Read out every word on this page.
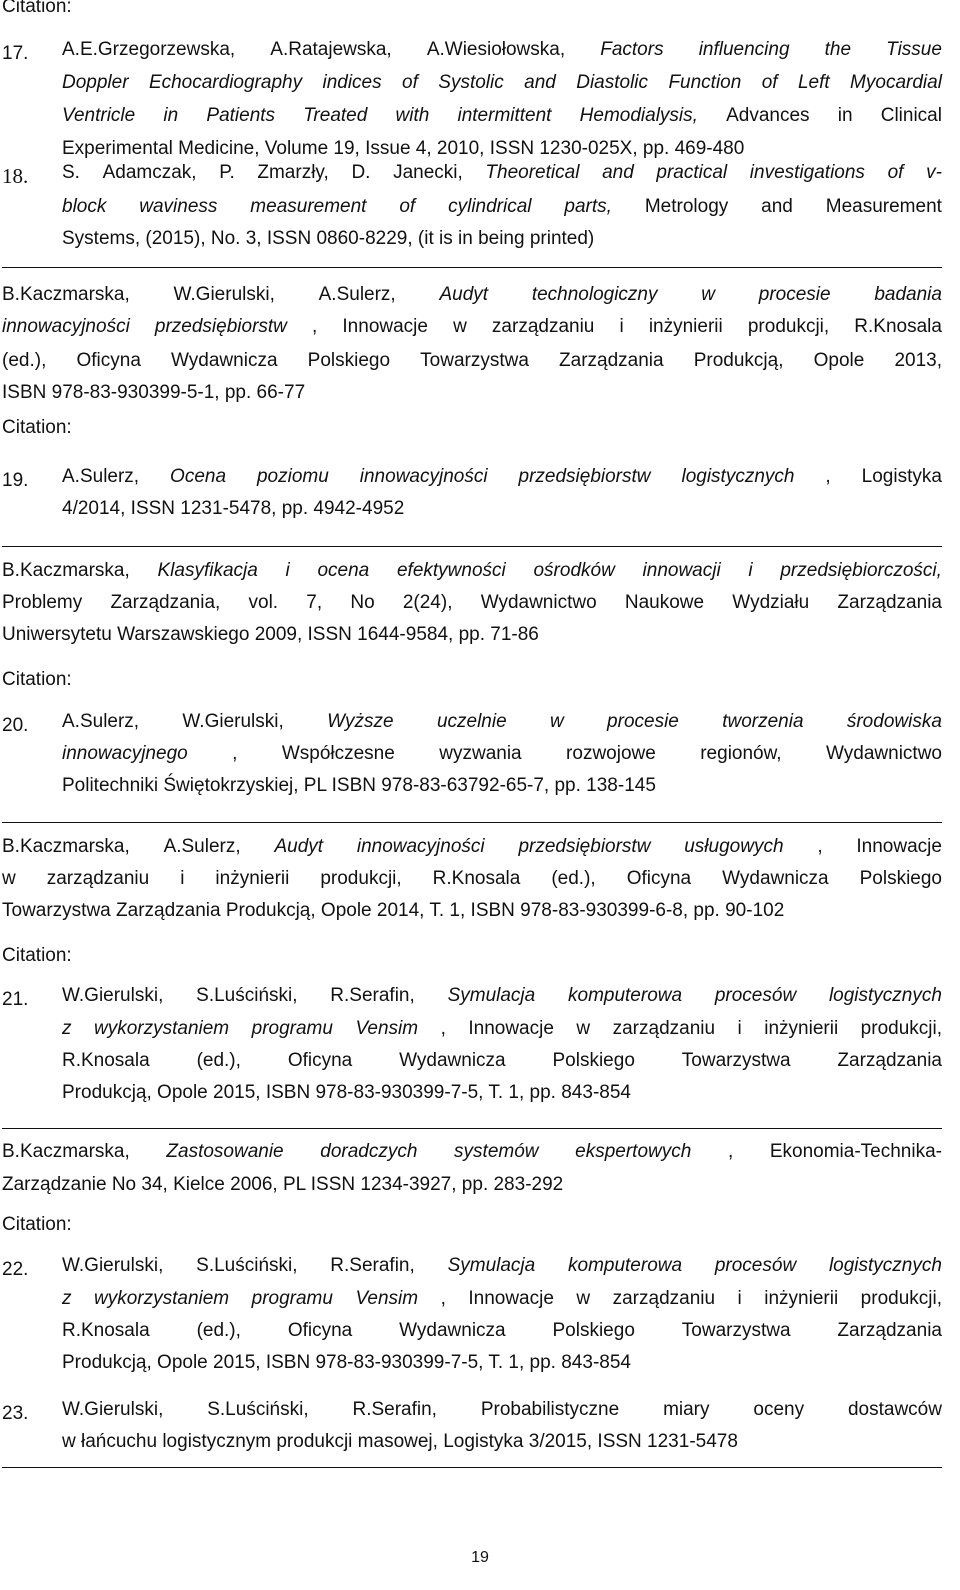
Citation:
17. A.E.Grzegorzewska, A.Ratajewska, A.Wiesiołowska, Factors influencing the Tissue
Doppler Echocardiography indices of Systolic and Diastolic Function of Left Myocardial
Ventricle in Patients Treated with intermittent Hemodialysis, Advances in Clinical
Experimental Medicine, Volume 19, Issue 4, 2010, ISSN 1230-025X, pp. 469-480
18. S. Adamczak, P. Zmarzły, D. Janecki, Theoretical and practical investigations of v-
block waviness measurement of cylindrical parts, Metrology and Measurement
Systems, (2015), No. 3, ISSN 0860-8229, (it is in being printed)
B.Kaczmarska, W.Gierulski, A.Sulerz, Audyt technologiczny w procesie badania
innowacyjności przedsiębiorstw , Innowacje w zarządzaniu i inżynierii produkcji, R.Knosala
(ed.), Oficyna Wydawnicza Polskiego Towarzystwa Zarządzania Produkcją, Opole 2013,
ISBN 978-83-930399-5-1, pp. 66-77
Citation:
19. A.Sulerz, Ocena poziomu innowacyjności przedsiębiorstw logistycznych , Logistyka
4/2014, ISSN 1231-5478, pp. 4942-4952
B.Kaczmarska, Klasyfikacja i ocena efektywności ośrodków innowacji i przedsiębiorczości,
Problemy Zarządzania, vol. 7, No 2(24), Wydawnictwo Naukowe Wydziału Zarządzania
Uniwersytetu Warszawskiego 2009, ISSN 1644-9584, pp. 71-86
Citation:
20. A.Sulerz, W.Gierulski, Wyższe uczelnie w procesie tworzenia środowiska
innowacyjnego , Współczesne wyzwania rozwojowe regionów, Wydawnictwo
Politechniki Świętokrzyskiej, PL ISBN 978-83-63792-65-7, pp. 138-145
B.Kaczmarska, A.Sulerz, Audyt innowacyjności przedsiębiorstw usługowych , Innowacje
w zarządzaniu i inżynierii produkcji, R.Knosala (ed.), Oficyna Wydawnicza Polskiego
Towarzystwa Zarządzania Produkcją, Opole 2014, T. 1, ISBN 978-83-930399-6-8, pp. 90-102
Citation:
21. W.Gierulski, S.Luściński, R.Serafin, Symulacja komputerowa procesów logistycznych
z wykorzystaniem programu Vensim , Innowacje w zarządzaniu i inżynierii produkcji,
R.Knosala (ed.), Oficyna Wydawnicza Polskiego Towarzystwa Zarządzania
Produkcją, Opole 2015, ISBN 978-83-930399-7-5, T. 1, pp. 843-854
B.Kaczmarska, Zastosowanie doradczych systemów ekspertowych , Ekonomia-Technika-
Zarządzanie No 34, Kielce 2006, PL ISSN 1234-3927, pp. 283-292
Citation:
22. W.Gierulski, S.Luściński, R.Serafin, Symulacja komputerowa procesów logistycznych
z wykorzystaniem programu Vensim , Innowacje w zarządzaniu i inżynierii produkcji,
R.Knosala (ed.), Oficyna Wydawnicza Polskiego Towarzystwa Zarządzania
Produkcją, Opole 2015, ISBN 978-83-930399-7-5, T. 1, pp. 843-854
23. W.Gierulski, S.Luściński, R.Serafin, Probabilistyczne miary oceny dostawców
w łańcuchu logistycznym produkcji masowej, Logistyka 3/2015, ISSN 1231-5478
19
